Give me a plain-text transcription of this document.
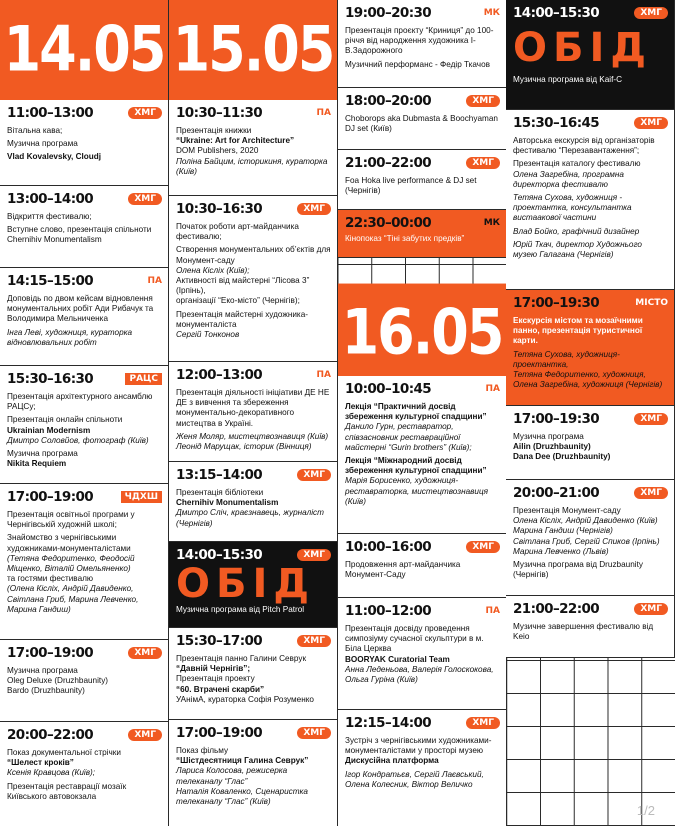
14.05
11:00–13:00	ХМГ
Вітальна кава;
Музична програма
Vlad Kovalevsky, Cloudj
13:00–14:00	ХМГ
Відкриття фестивалю;
Вступне слово, презентація спільноти Chernihiv Monumentalism
14:15–15:00	ПА
Доповідь по двом кейсам відновлення монументальних робіт Ади Рибачук та Володимира Мельниченка
Інга Леві, художниця, кураторка відновлювальних робіт
15:30–16:30	РАЦС
Презентація архітектурного ансамблю РАЦСу;
Презентація онлайн спільноти
Ukrainian Modernism
Дмитро Соловйов, фотограф (Київ)
Музична програма
Nikita Requiem
17:00–19:00	ЧДХШ
Презентація освітньої програми у Чернігівській художній школі;
Знайомство з чернігівськими художниками-монументалістами
(Тетяна Федоритенко, Феодосій Міщенко, Віталій Омельяненко)
та гостями фестивалю
(Олена Кісліх, Андрій Давиденко, Світлана Гриб, Марина Левченко, Марина Гандиш)
17:00–19:00	ХМГ
Музична програма
Oleg Deluxe (Druzhbaunity)
Bardo (Druzhbaunity)
20:00–22:00	ХМГ
Показ документальної стрічки
“Шелест кроків”
Ксенія Кравцова (Київ);
Презентація реставрації мозаїк Київського автовокзала
15.05
10:30–11:30	ПА
Презентація книжки
“Ukraine: Art for Architecture”
DOM Publishers, 2020
Поліна Байцим, історикиня, кураторка (Київ)
10:30–16:30	ХМГ
Початок роботи арт-майданчика фестивалю;
Створення монументальних об’єктів для Монумент-саду
Олена Кісліх (Київ);
Активності від майстерні “Лісова 3” (Ірпінь),
організації “Еко-місто” (Чернігів);
Презентація майстерні художника-монументаліста
Сергій Тонконов
12:00–13:00	ПА
Презентація діяльності ініціативи ДЕ НЕ ДЕ з вивчення та збереження монументально-декоративного мистецтва в Україні.
Женя Моляр, мистецтвознавиця (Київ)
Леонід Марущак, історик (Вінниця)
13:15–14:00	ХМГ
Презентація бібліотеки
Chernihiv Monumentalism
Дмитро Сліч, краєзнавець, журналіст (Чернігів)
14:00–15:30	ХМГ
ОБІД
Музична програма від Pitch Patrol
15:30–17:00	ХМГ
Презентація панно Галини Севрук
“Давній Чернігів”;
Презентація проекту
“60. Втрачені скарби”
УАнімА, кураторка Софія Розуменко
17:00–19:00	ХМГ
Показ фільму
“Шістдесятниця Галина Севрук”
Лариса Колосова, режисерка телеканалу “Глас”
Наталія Коваленко, Сценаристка телеканалу “Глас” (Київ)
19:00–20:30	МК
Презентація проєкту “Криниця” до 100-річчя від народження художника І-В.Задорожного
Музичний перформанс - Федір Ткачов
18:00–20:00	ХМГ
Choborops aka Dubmasta & Boochyaman DJ set (Київ)
21:00–22:00	ХМГ
Foa Hoka live performance & DJ set (Чернігів)
22:30–00:00	МК
Кінопоказ “Тіні забутих предків”
16.05
10:00–10:45	ПА
Лекція “Практичний досвід збереження культурної спадщини”
Данило Гурн, реставратор, співзасновник реставраційної майстерні “Gurin brothers” (Київ);
Лекція “Міжнародний досвід збереження культурної спадщини”
Марія Борисенко, художниця-реставраторка, мистецтвознавиця (Київ)
10:00–16:00	ХМГ
Продовження арт-майданчика Монумент-Саду
11:00–12:00	ПА
Презентація досвіду проведення симпозіуму сучасної скульптури в м. Біла Церква
BOORYAK Curatorial Team
Анна Леденьова, Валерія Голоскокова, Ольга Гуріна (Київ)
12:15–14:00	ХМГ
Зустріч з чернігівськими художниками-монументалістами у просторі музею
Дискусійна платформа
Ігор Кондратьєв, Сергій Лаєвський, Олена Колесник, Віктор Величко
14:00–15:30	ХМГ
ОБІД
Музична програма від Kaif-C
15:30–16:45	ХМГ
Авторська екскурсія від організаторів фестивалю “Перезавантаження”;
Презентація каталогу фестивалю
Олена Загребіна, програмна директорка фестивалю
Тетяна Сухова, художниця - проектантка, консультантка вистаакової частини
Влад Бойко, графічний дизайнер
Юрій Ткач, директор Художнього музею Галагана (Чернігів)
17:00–19:30	МІСТО
Екскурсія містом та мозаїчними панно, презентація туристичної карти.
Тетяна Сухова, художниця-проектантка,
Тетяна Федоритенко, художниця,
Олена Загребіна, художниця (Чернігів)
17:00–19:30	ХМГ
Музична програма
Ailin (Druzhbaunity)
Dana Dee (Druzhbaunity)
20:00–21:00	ХМГ
Презентація Монумент-саду
Олена Кісліх, Андрій Давиденко (Київ)
Марина Гандиш (Чернігів)
Світлана Гриб, Сергій Спиков (Ірпінь)
Марина Левченко (Львів)
Музична програма від Druzbaunity (Чернігів)
21:00–22:00	ХМГ
Музичне завершення фестивалю від Keio
1/2
